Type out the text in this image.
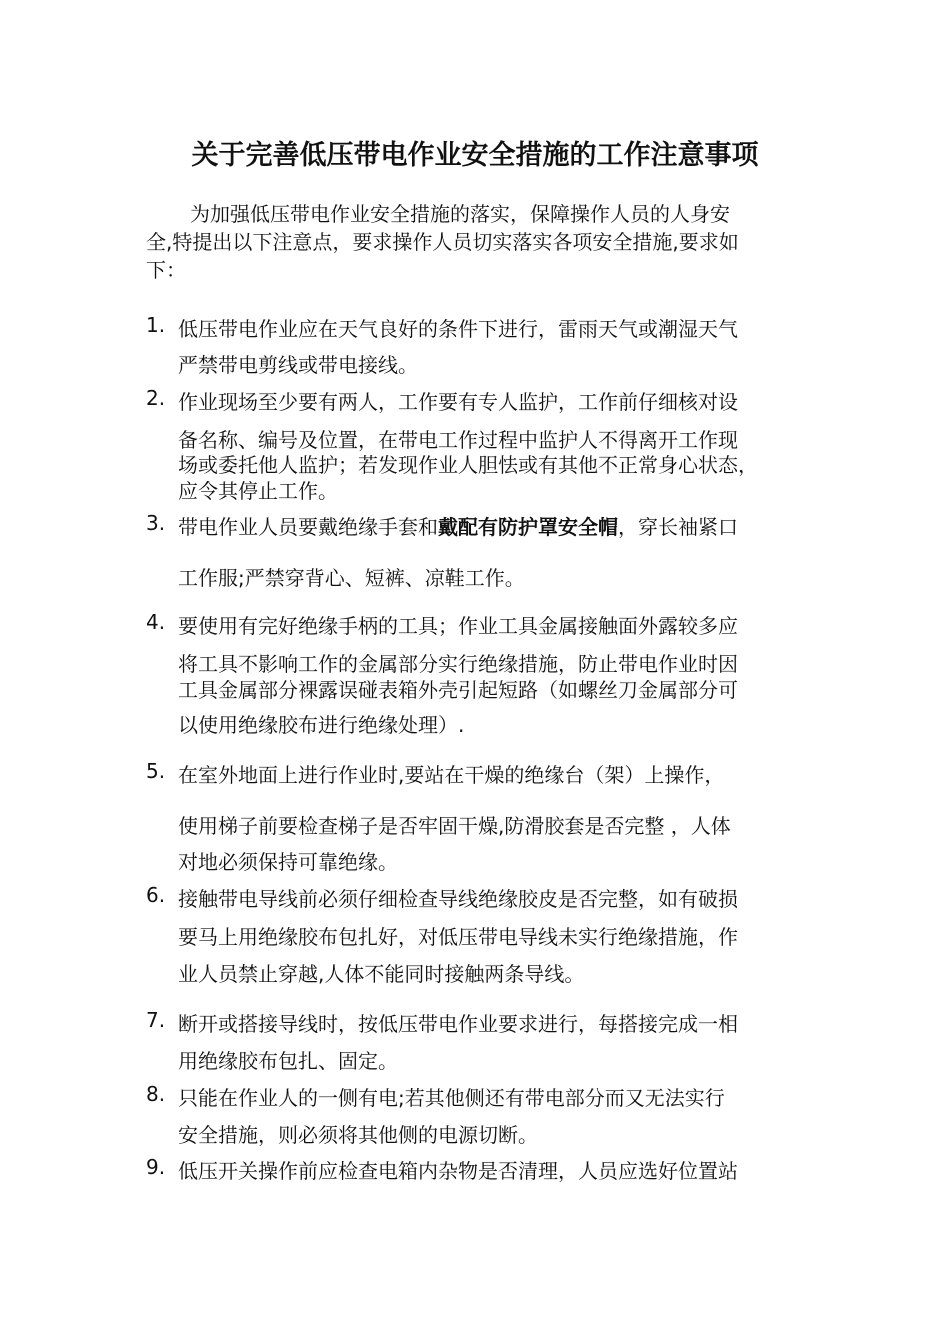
关于完善低压带电作业安全措施的工作注意事项
为加强低压带电作业安全措施的落实，保障操作人员的人身安
全,特提出以下注意点，要求操作人员切实落实各项安全措施,要求如
下：
1. 低压带电作业应在天气良好的条件下进行，雷雨天气或潮湿天气
严禁带电剪线或带电接线。
2. 作业现场至少要有两人，工作要有专人监护，工作前仔细核对设
备名称、编号及位置，在带电工作过程中监护人不得离开工作现
场或委托他人监护；若发现作业人胆怯或有其他不正常身心状态，
应令其停止工作。
3. 带电作业人员要戴绝缘手套和戴配有防护罩安全帽，穿长袖紧口
工作服;严禁穿背心、短裤、凉鞋工作。
4. 要使用有完好绝缘手柄的工具；作业工具金属接触面外露较多应
将工具不影响工作的金属部分实行绝缘措施，防止带电作业时因
工具金属部分裸露误碰表箱外壳引起短路（如螺丝刀金属部分可
以使用绝缘胶布进行绝缘处理）.
5. 在室外地面上进行作业时,要站在干燥的绝缘台（架）上操作，
使用梯子前要检查梯子是否牢固干燥,防滑胶套是否完整 ，人体
对地必须保持可靠绝缘。
6. 接触带电导线前必须仔细检查导线绝缘胶皮是否完整，如有破损
要马上用绝缘胶布包扎好，对低压带电导线未实行绝缘措施，作
业人员禁止穿越,人体不能同时接触两条导线。
7. 断开或搭接导线时，按低压带电作业要求进行，每搭接完成一相
用绝缘胶布包扎、固定。
8. 只能在作业人的一侧有电;若其他侧还有带电部分而又无法实行
安全措施，则必须将其他侧的电源切断。
9. 低压开关操作前应检查电箱内杂物是否清理，人员应选好位置站
